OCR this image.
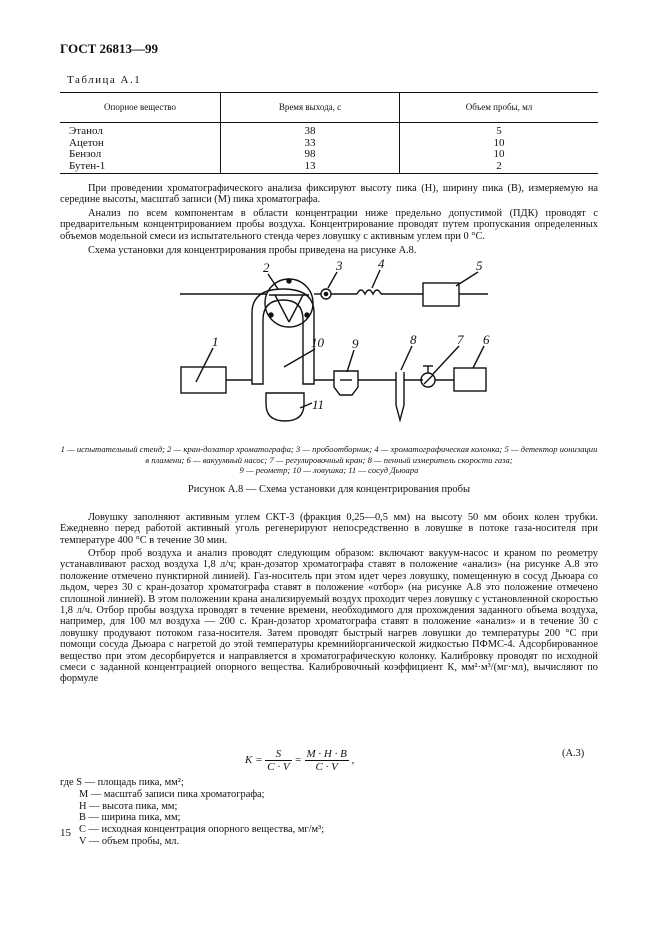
ГОСТ 26813—99
Таблица А.1
Опорное вещество	Время выхода, с	Объем пробы, мл
Этанол	38	5
Ацетон	33	10
Бензол	98	10
Бутен-1	13	2

При проведении хроматографического анализа фиксируют высоту пика (Н), ширину пика (В), измеряемую на середине высоты, масштаб записи (М) пика хроматографа.

Анализ по всем компонентам в области концентрации ниже предельно допустимой (ПДК) проводят с предварительным концентрированием пробы воздуха. Концентрирование проводят путем пропускания определенных объемов модельной смеси из испытательного стенда через ловушку с активным углем при 0 °С.

Схема установки для концентрирования пробы приведена на рисунке А.8.

1
2	3	4	5
6
7
8
9
10
11

1 — испытательный стенд; 2 — кран-дозатор хроматографа; 3 — пробоотборник; 4 — хроматографическая колонка; 5 — детектор ионизации в пламени; 6 — вакуумный насос; 7 — регулировочный кран; 8 — пенный измеритель скорости газа;
9 — реометр; 10 — ловушка; 11 — сосуд Дьюара

Рисунок А.8 — Схема установки для концентрирования пробы

Ловушку заполняют активным углем СКТ-3 (фракция 0,25—0,5 мм) на высоту 50 мм обоих колен трубки. Ежедневно перед работой активный уголь регенерируют непосредственно в ловушке в потоке газа-носителя при температуре 400 °С в течение 30 мин.

Отбор проб воздуха и анализ проводят следующим образом: включают вакуум-насос и краном по реометру устанавливают расход воздуха 1,8 л/ч; кран-дозатор хроматографа ставят в положение «анализ» (на рисунке А.8 это положение отмечено пунктирной линией). Газ-носитель при этом идет через ловушку, помещенную в сосуд Дьюара со льдом, через 30 с кран-дозатор хроматографа ставят в положение «отбор» (на рисунке А.8 это положение отмечено сплошной линией). В этом положении крана анализируемый воздух проходит через ловушку с установленной скоростью 1,8 л/ч. Отбор пробы воздуха проводят в течение времени, необходимого для прохождения заданного объема воздуха, например, для 100 мл воздуха — 200 с. Кран-дозатор хроматографа ставят в положение «анализ» и в течение 30 с ловушку продувают потоком газа-носителя. Затем проводят быстрый нагрев ловушки до температуры 200 °С при помощи сосуда Дьюара с нагретой до этой температуры кремнийорганической жидкостью ПФМС-4. Адсорбированное вещество при этом десорбируется и направляется в хроматографическую колонку. Калибровку проводят по исходной смеси с заданной концентрацией опорного вещества. Калибровочный коэффициент К, мм²·м³/(мг·мл), вычисляют по формуле

$K = \frac{S}{C \cdot V} = \frac{M \cdot H \cdot B}{C \cdot V}$ ,
(А.3)
где S — площадь пика, мм²;
M — масштаб записи пика хроматографа;
H — высота пика, мм;
B — ширина пика, мм;
C — исходная концентрация опорного вещества, мг/м³;
V — объем пробы, мл.
15
